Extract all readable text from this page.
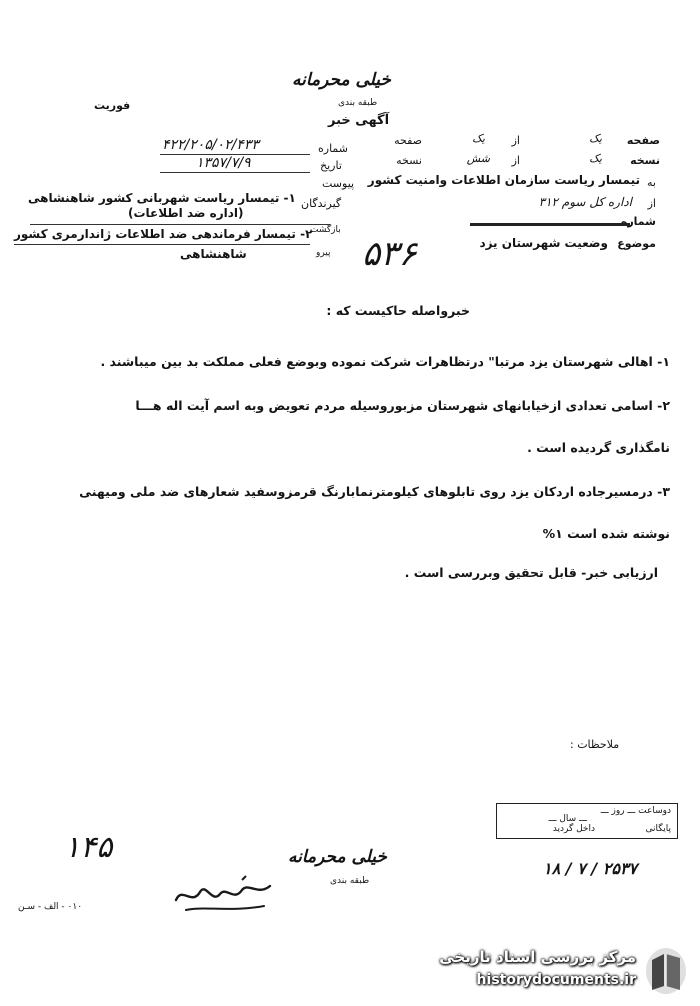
خیلی محرمانه
طبقه بندی
فوریت
آگهی خبر
صفحه
یک
از
یک
صفحه
نسخه
یک
از
شش
نسخه
به
تیمسار ریاست سازمان اطلاعات وامنیت کشور
از
اداره کل سوم ۳۱۲
شماره
موضوع
وضعیت شهرستان یزد
شماره
۴۲۲/۲۰۵/۰۲/۴۳۳
تاریخ
۱۳۵۷/۷/۹
پیوست
گیرندگان
۱- تیمسار ریاست شهربانی کشور شاهنشاهی
(اداره ضد اطلاعات)
بازگشت
پیرو
۲- تیمسار فرماندهی ضد اطلاعات ژاندارمری کشور
شاهنشاهی	۵۳۶
خبرواصله حاکیست که :
۱- اهالی شهرستان یزد مرتبا" درتظاهرات شرکت نموده وبوضع فعلی مملکت بد بین میباشند .
۲- اسامی تعدادی ازخیابانهای شهرستان مزبوروسیله مردم تعویض وبه اسم آیت اله هـــا
نامگذاری گردیده است .
۳- درمسیرجاده اردکان یزد روی تابلوهای کیلومترنمابارنگ قرمزوسفید شعارهای ضد ملی ومیهنی
نوشته شده است ۱%
ارزیابی خبر- قابل تحقیق وبررسی است .
ملاحظات :
دوساعت ـــ روز ـــ
ـــ سال ـــ
پایگانی
داخل گردید
۱۴۵	خیلی محرمانه
طبقه بندی
۲۵۳۷ / ۷ / ۱۸
۰۱۰ - الف - سـن
مرکز بررسی اسناد تاریخی
historydocuments.ir
